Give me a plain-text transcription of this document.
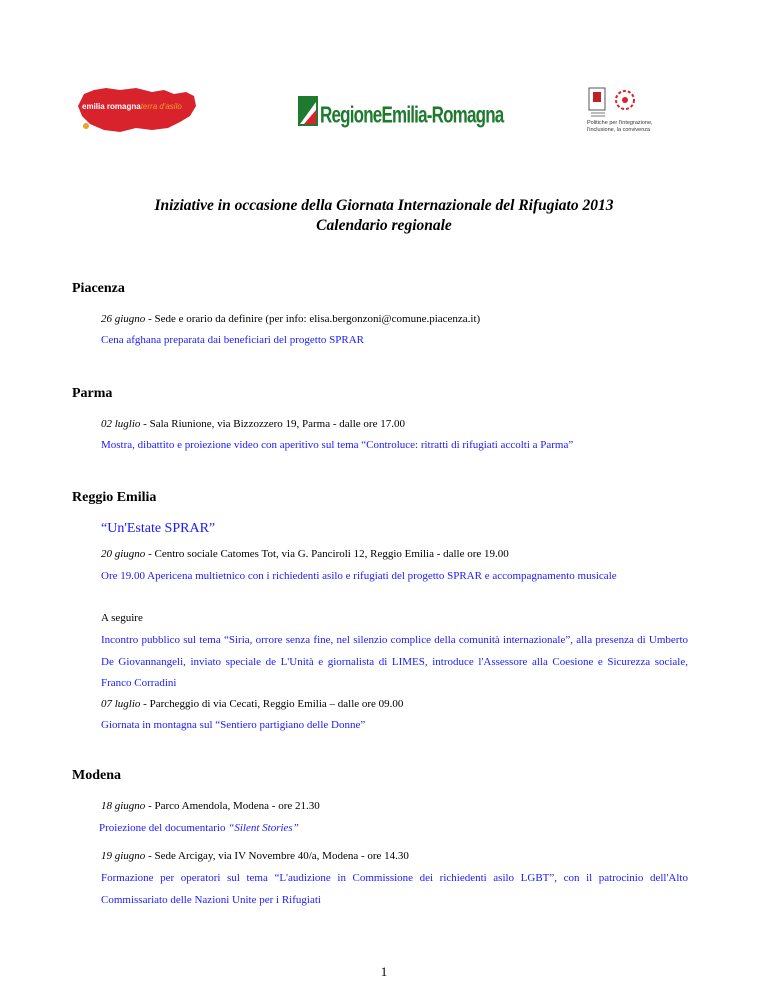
emilia romagnaterra d'asilo	RegioneEmilia-Romagna	Politiche per l'integrazione,
l'inclusione, la convivenza
Iniziative in occasione della Giornata Internazionale del Rifugiato 2013
Calendario regionale
Piacenza
26 giugno - Sede e orario da definire (per info: elisa.bergonzoni@comune.piacenza.it)
Cena afghana preparata dai beneficiari del progetto SPRAR
Parma
02 luglio - Sala Riunione, via Bizzozzero 19, Parma - dalle ore 17.00
Mostra, dibattito e proiezione video con aperitivo sul tema “Controluce: ritratti di rifugiati accolti a Parma”
Reggio Emilia
“Un'Estate SPRAR”
20 giugno - Centro sociale Catomes Tot, via G. Panciroli 12, Reggio Emilia - dalle ore 19.00
Ore 19.00 Apericena multietnico con i richiedenti asilo e rifugiati del progetto SPRAR e accompagnamento musicale
A seguire
Incontro pubblico sul tema “Siria, orrore senza fine, nel silenzio complice della comunità internazionale”, alla presenza di Umberto De Giovannangeli, inviato speciale de L'Unità e giornalista di LIMES, introduce l'Assessore alla Coesione e Sicurezza sociale, Franco Corradini
07 luglio - Parcheggio di via Cecati, Reggio Emilia – dalle ore 09.00
Giornata in montagna sul “Sentiero partigiano delle Donne”
Modena
18 giugno - Parco Amendola, Modena - ore 21.30
Proiezione del documentario “Silent Stories”
19 giugno - Sede Arcigay, via IV Novembre 40/a, Modena - ore 14.30
Formazione per operatori sul tema “L'audizione in Commissione dei richiedenti asilo LGBT”, con il patrocinio dell'Alto Commissariato delle Nazioni Unite per i Rifugiati
1
